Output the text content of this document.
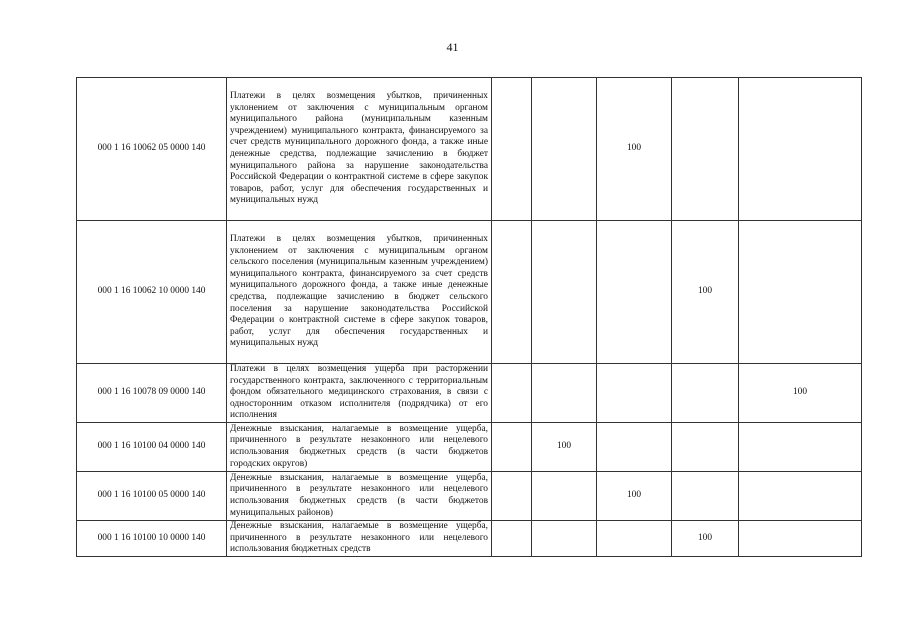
41
000 1 16 10062 05 0000 140	Платежи в целях возмещения убытков, причиненных уклонением от заключения с муниципальным органом муниципального района (муниципальным казенным учреждением) муниципального контракта, финансируемого за счет средств муниципального дорожного фонда, а также иные денежные средства, подлежащие зачислению в бюджет муниципального района за нарушение законодательства Российской Федерации о контрактной системе в сфере закупок товаров, работ, услуг для обеспечения государственных и муниципальных нужд			100		
000 1 16 10062 10 0000 140	Платежи в целях возмещения убытков, причиненных уклонением от заключения с муниципальным органом сельского поселения (муниципальным казенным учреждением) муниципального контракта, финансируемого за счет средств муниципального дорожного фонда, а также иные денежные средства, подлежащие зачислению в бюджет сельского поселения за нарушение законодательства Российской Федерации о контрактной системе в сфере закупок товаров, работ, услуг для обеспечения государственных и муниципальных нужд				100	
000 1 16 10078 09 0000 140	Платежи в целях возмещения ущерба при расторжении государственного контракта, заключенного с территориальным фондом обязательного медицинского страхования, в связи с односторонним отказом исполнителя (подрядчика) от его исполнения					100
000 1 16 10100 04 0000 140	Денежные взыскания, налагаемые в возмещение ущерба, причиненного в результате незаконного или нецелевого использования бюджетных средств (в части бюджетов городских округов)		100			
000 1 16 10100 05 0000 140	Денежные взыскания, налагаемые в возмещение ущерба, причиненного в результате незаконного или нецелевого использования бюджетных средств (в части бюджетов муниципальных районов)			100		
000 1 16 10100 10 0000 140	Денежные взыскания, налагаемые в возмещение ущерба, причиненного в результате незаконного или нецелевого использования бюджетных средств				100	
